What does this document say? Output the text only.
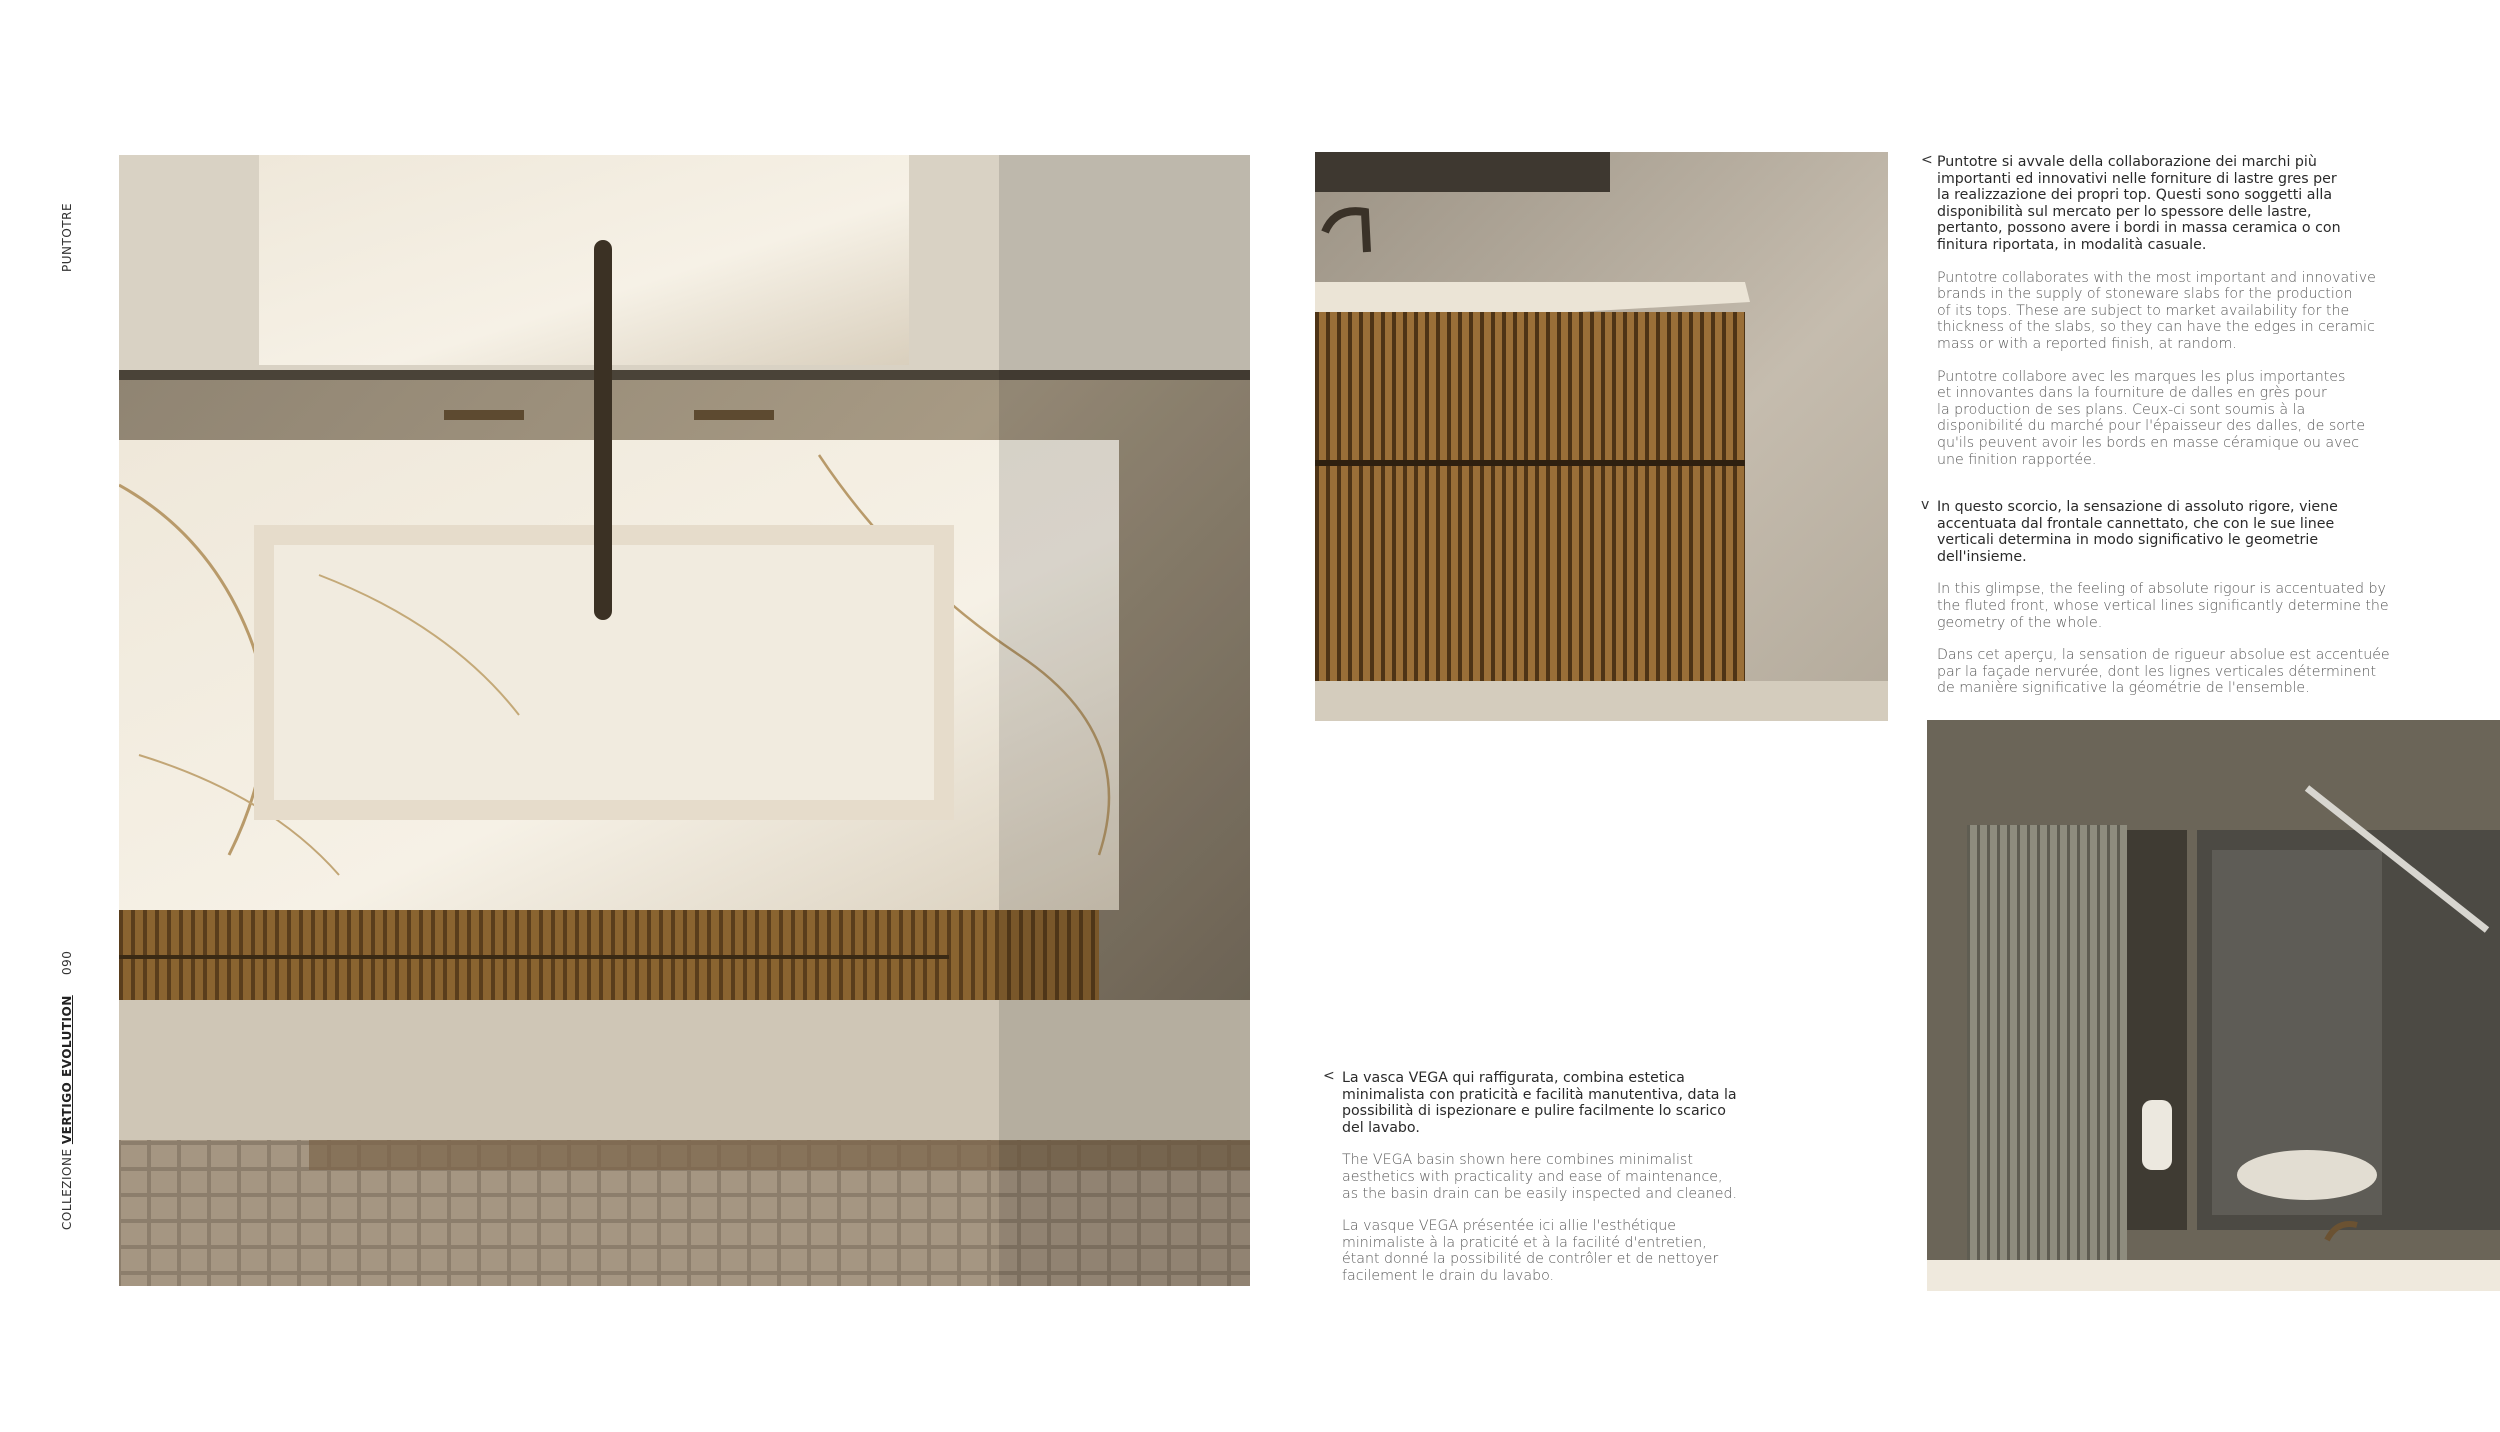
PUNTOTRE
090
COLLEZIONE VERTIGO EVOLUTION
< Puntotre si avvale della collaborazione dei marchi più
importanti ed innovativi nelle forniture di lastre gres per
la realizzazione dei propri top. Questi sono soggetti alla
disponibilità sul mercato per lo spessore delle lastre,
pertanto, possono avere i bordi in massa ceramica o con
finitura riportata, in modalità casuale.

Puntotre collaborates with the most important and innovative
brands in the supply of stoneware slabs for the production
of its tops. These are subject to market availability for the
thickness of the slabs, so they can have the edges in ceramic
mass or with a reported finish, at random.

Puntotre collabore avec les marques les plus importantes
et innovantes dans la fourniture de dalles en grès pour
la production de ses plans. Ceux-ci sont soumis à la
disponibilité du marché pour l'épaisseur des dalles, de sorte
qu'ils peuvent avoir les bords en masse céramique ou avec
une finition rapportée.

v In questo scorcio, la sensazione di assoluto rigore, viene
accentuata dal frontale cannettato, che con le sue linee
verticali determina in modo significativo le geometrie
dell'insieme.

In this glimpse, the feeling of absolute rigour is accentuated by
the fluted front, whose vertical lines significantly determine the
geometry of the whole.

Dans cet aperçu, la sensation de rigueur absolue est accentuée
par la façade nervurée, dont les lignes verticales déterminent
de manière significative la géométrie de l'ensemble.

< La vasca VEGA qui raffigurata, combina estetica
minimalista con praticità e facilità manutentiva, data la
possibilità di ispezionare e pulire facilmente lo scarico
del lavabo.

The VEGA basin shown here combines minimalist
aesthetics with practicality and ease of maintenance,
as the basin drain can be easily inspected and cleaned.

La vasque VEGA présentée ici allie l'esthétique
minimaliste à la praticité et à la facilité d'entretien,
étant donné la possibilité de contrôler et de nettoyer
facilement le drain du lavabo.
